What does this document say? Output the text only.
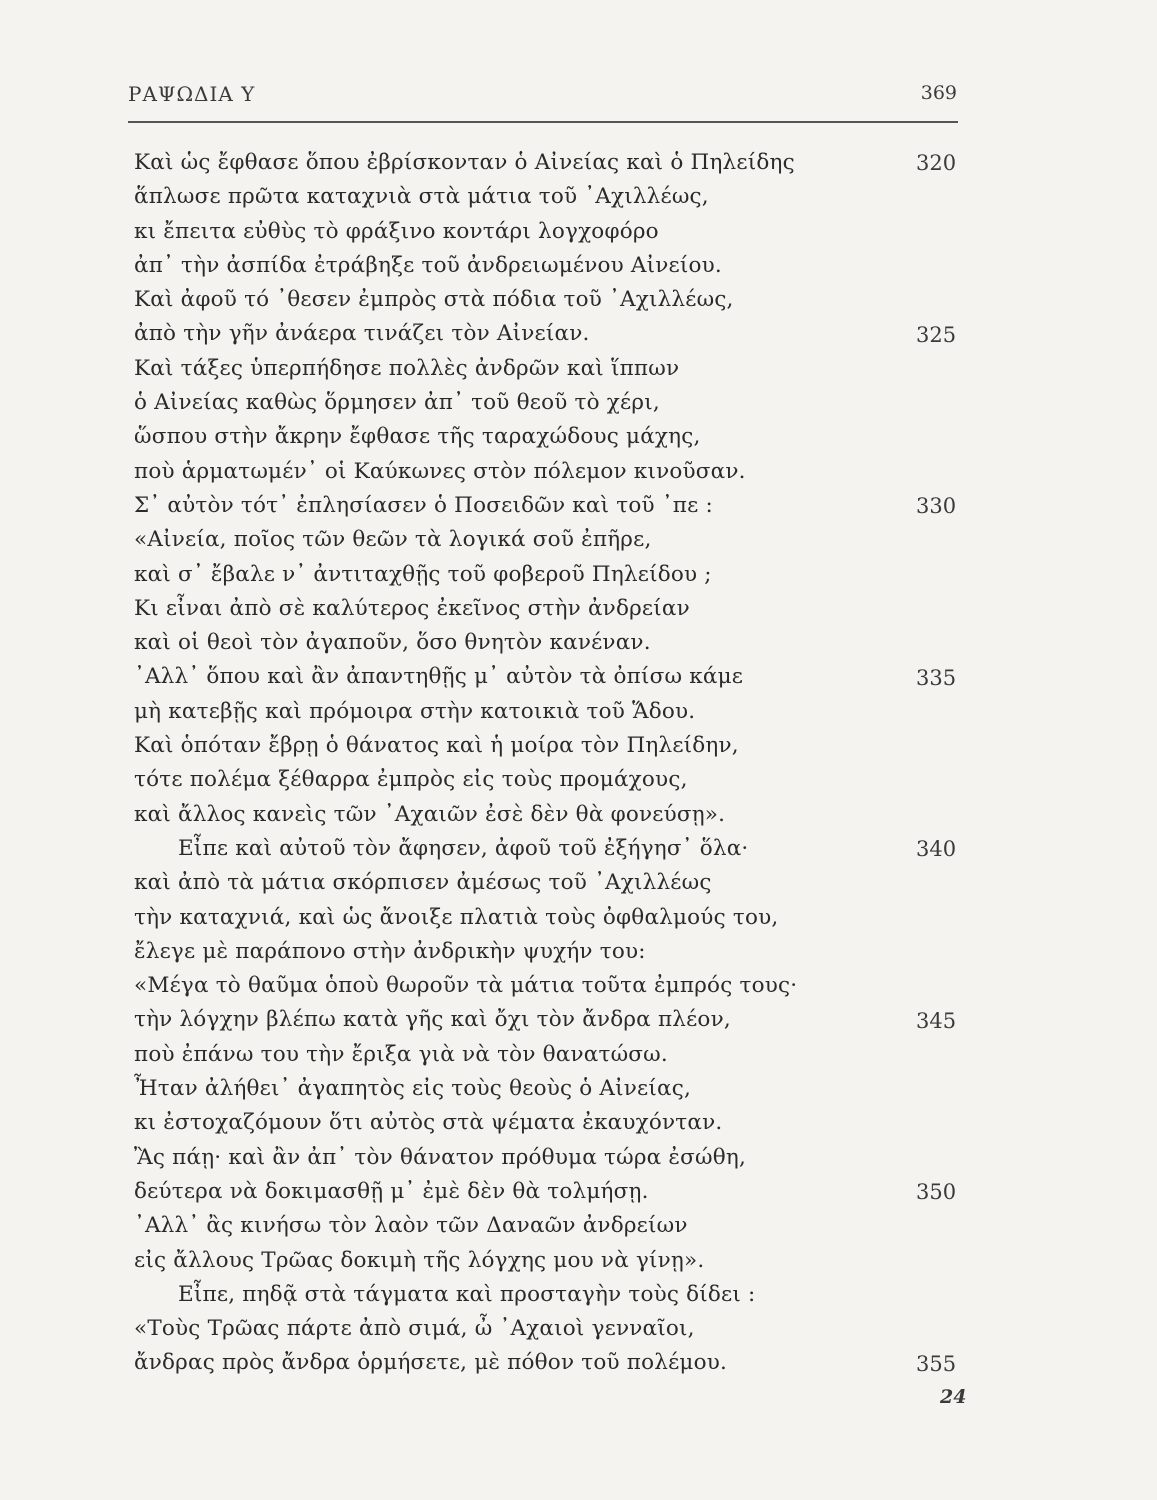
ΡΑΨΩΔΙΑ Υ	369
Καὶ ὡς ἔφθασε ὅπου ἐβρίσκονταν ὁ Αἰνείας καὶ ὁ Πηλείδης
ἅπλωσε πρῶτα καταχνιὰ στὰ μάτια τοῦ ᾿Αχιλλέως,
κι ἔπειτα εὐθὺς τὸ φράξινο κοντάρι λογχοφόρο
ἀπ᾿ τὴν ἀσπίδα ἐτράβηξε τοῦ ἀνδρειωμένου Αἰνείου.
Καὶ ἀφοῦ τό ᾿θεσεν ἐμπρὸς στὰ πόδια τοῦ ᾿Αχιλλέως,
ἀπὸ τὴν γῆν ἀνάερα τινάζει τὸν Αἰνείαν.
Καὶ τάξες ὑπερπήδησε πολλὲς ἀνδρῶν καὶ ἵππων
ὁ Αἰνείας καθὼς ὅρμησεν ἀπ᾿ τοῦ θεοῦ τὸ χέρι,
ὥσπου στὴν ἄκρην ἔφθασε τῆς ταραχώδους μάχης,
ποὺ ἁρματωμέν᾿ οἱ Καύκωνες στὸν πόλεμον κινοῦσαν.
Σ᾿ αὐτὸν τότ᾿ ἐπλησίασεν ὁ Ποσειδῶν καὶ τοῦ ᾿πε :
«Αἰνεία, ποῖος τῶν θεῶν τὰ λογικά σοῦ ἐπῆρε,
καὶ σ᾿ ἔβαλε ν᾿ ἀντιταχθῇς τοῦ φοβεροῦ Πηλείδου ;
Κι εἶναι ἀπὸ σὲ καλύτερος ἐκεῖνος στὴν ἀνδρείαν
καὶ οἱ θεοὶ τὸν ἀγαποῦν, ὅσο θνητὸν κανέναν.
᾿Αλλ᾿ ὅπου καὶ ἂν ἀπαντηθῇς μ᾿ αὐτὸν τὰ ὀπίσω κάμε
μὴ κατεβῇς καὶ πρόμοιρα στὴν κατοικιὰ τοῦ Ἅδου.
Καὶ ὁπόταν ἔβρῃ ὁ θάνατος καὶ ἡ μοίρα τὸν Πηλείδην,
τότε πολέμα ξέθαρρα ἐμπρὸς εἰς τοὺς προμάχους,
καὶ ἄλλος κανεὶς τῶν ᾿Αχαιῶν ἐσὲ δὲν θὰ φονεύσῃ».
Εἶπε καὶ αὐτοῦ τὸν ἄφησεν, ἀφοῦ τοῦ ἐξήγησ᾿ ὅλα·
καὶ ἀπὸ τὰ μάτια σκόρπισεν ἀμέσως τοῦ ᾿Αχιλλέως
τὴν καταχνιά, καὶ ὡς ἄνοιξε πλατιὰ τοὺς ὀφθαλμούς του,
ἔλεγε μὲ παράπονο στὴν ἀνδρικὴν ψυχήν του:
«Μέγα τὸ θαῦμα ὁποὺ θωροῦν τὰ μάτια τοῦτα ἐμπρός τους·
τὴν λόγχην βλέπω κατὰ γῆς καὶ ὄχι τὸν ἄνδρα πλέον,
ποὺ ἐπάνω του τὴν ἔριξα γιὰ νὰ τὸν θανατώσω.
Ἦταν ἀλήθει᾿ ἀγαπητὸς εἰς τοὺς θεοὺς ὁ Αἰνείας,
κι ἐστοχαζόμουν ὅτι αὐτὸς στὰ ψέματα ἐκαυχόνταν.
Ἂς πάῃ· καὶ ἂν ἀπ᾿ τὸν θάνατον πρόθυμα τώρα ἐσώθη,
δεύτερα νὰ δοκιμασθῇ μ᾿ ἐμὲ δὲν θὰ τολμήσῃ.
᾿Αλλ᾿ ἂς κινήσω τὸν λαὸν τῶν Δαναῶν ἀνδρείων
εἰς ἄλλους Τρῶας δοκιμὴ τῆς λόγχης μου νὰ γίνῃ».
Εἶπε, πηδᾷ στὰ τάγματα καὶ προσταγὴν τοὺς δίδει :
«Τοὺς Τρῶας πάρτε ἀπὸ σιμά, ὦ ᾿Αχαιοὶ γενναῖοι,
ἄνδρας πρὸς ἄνδρα ὁρμήσετε, μὲ πόθον τοῦ πολέμου.
320
325
330
335
340
345
350
355
24
